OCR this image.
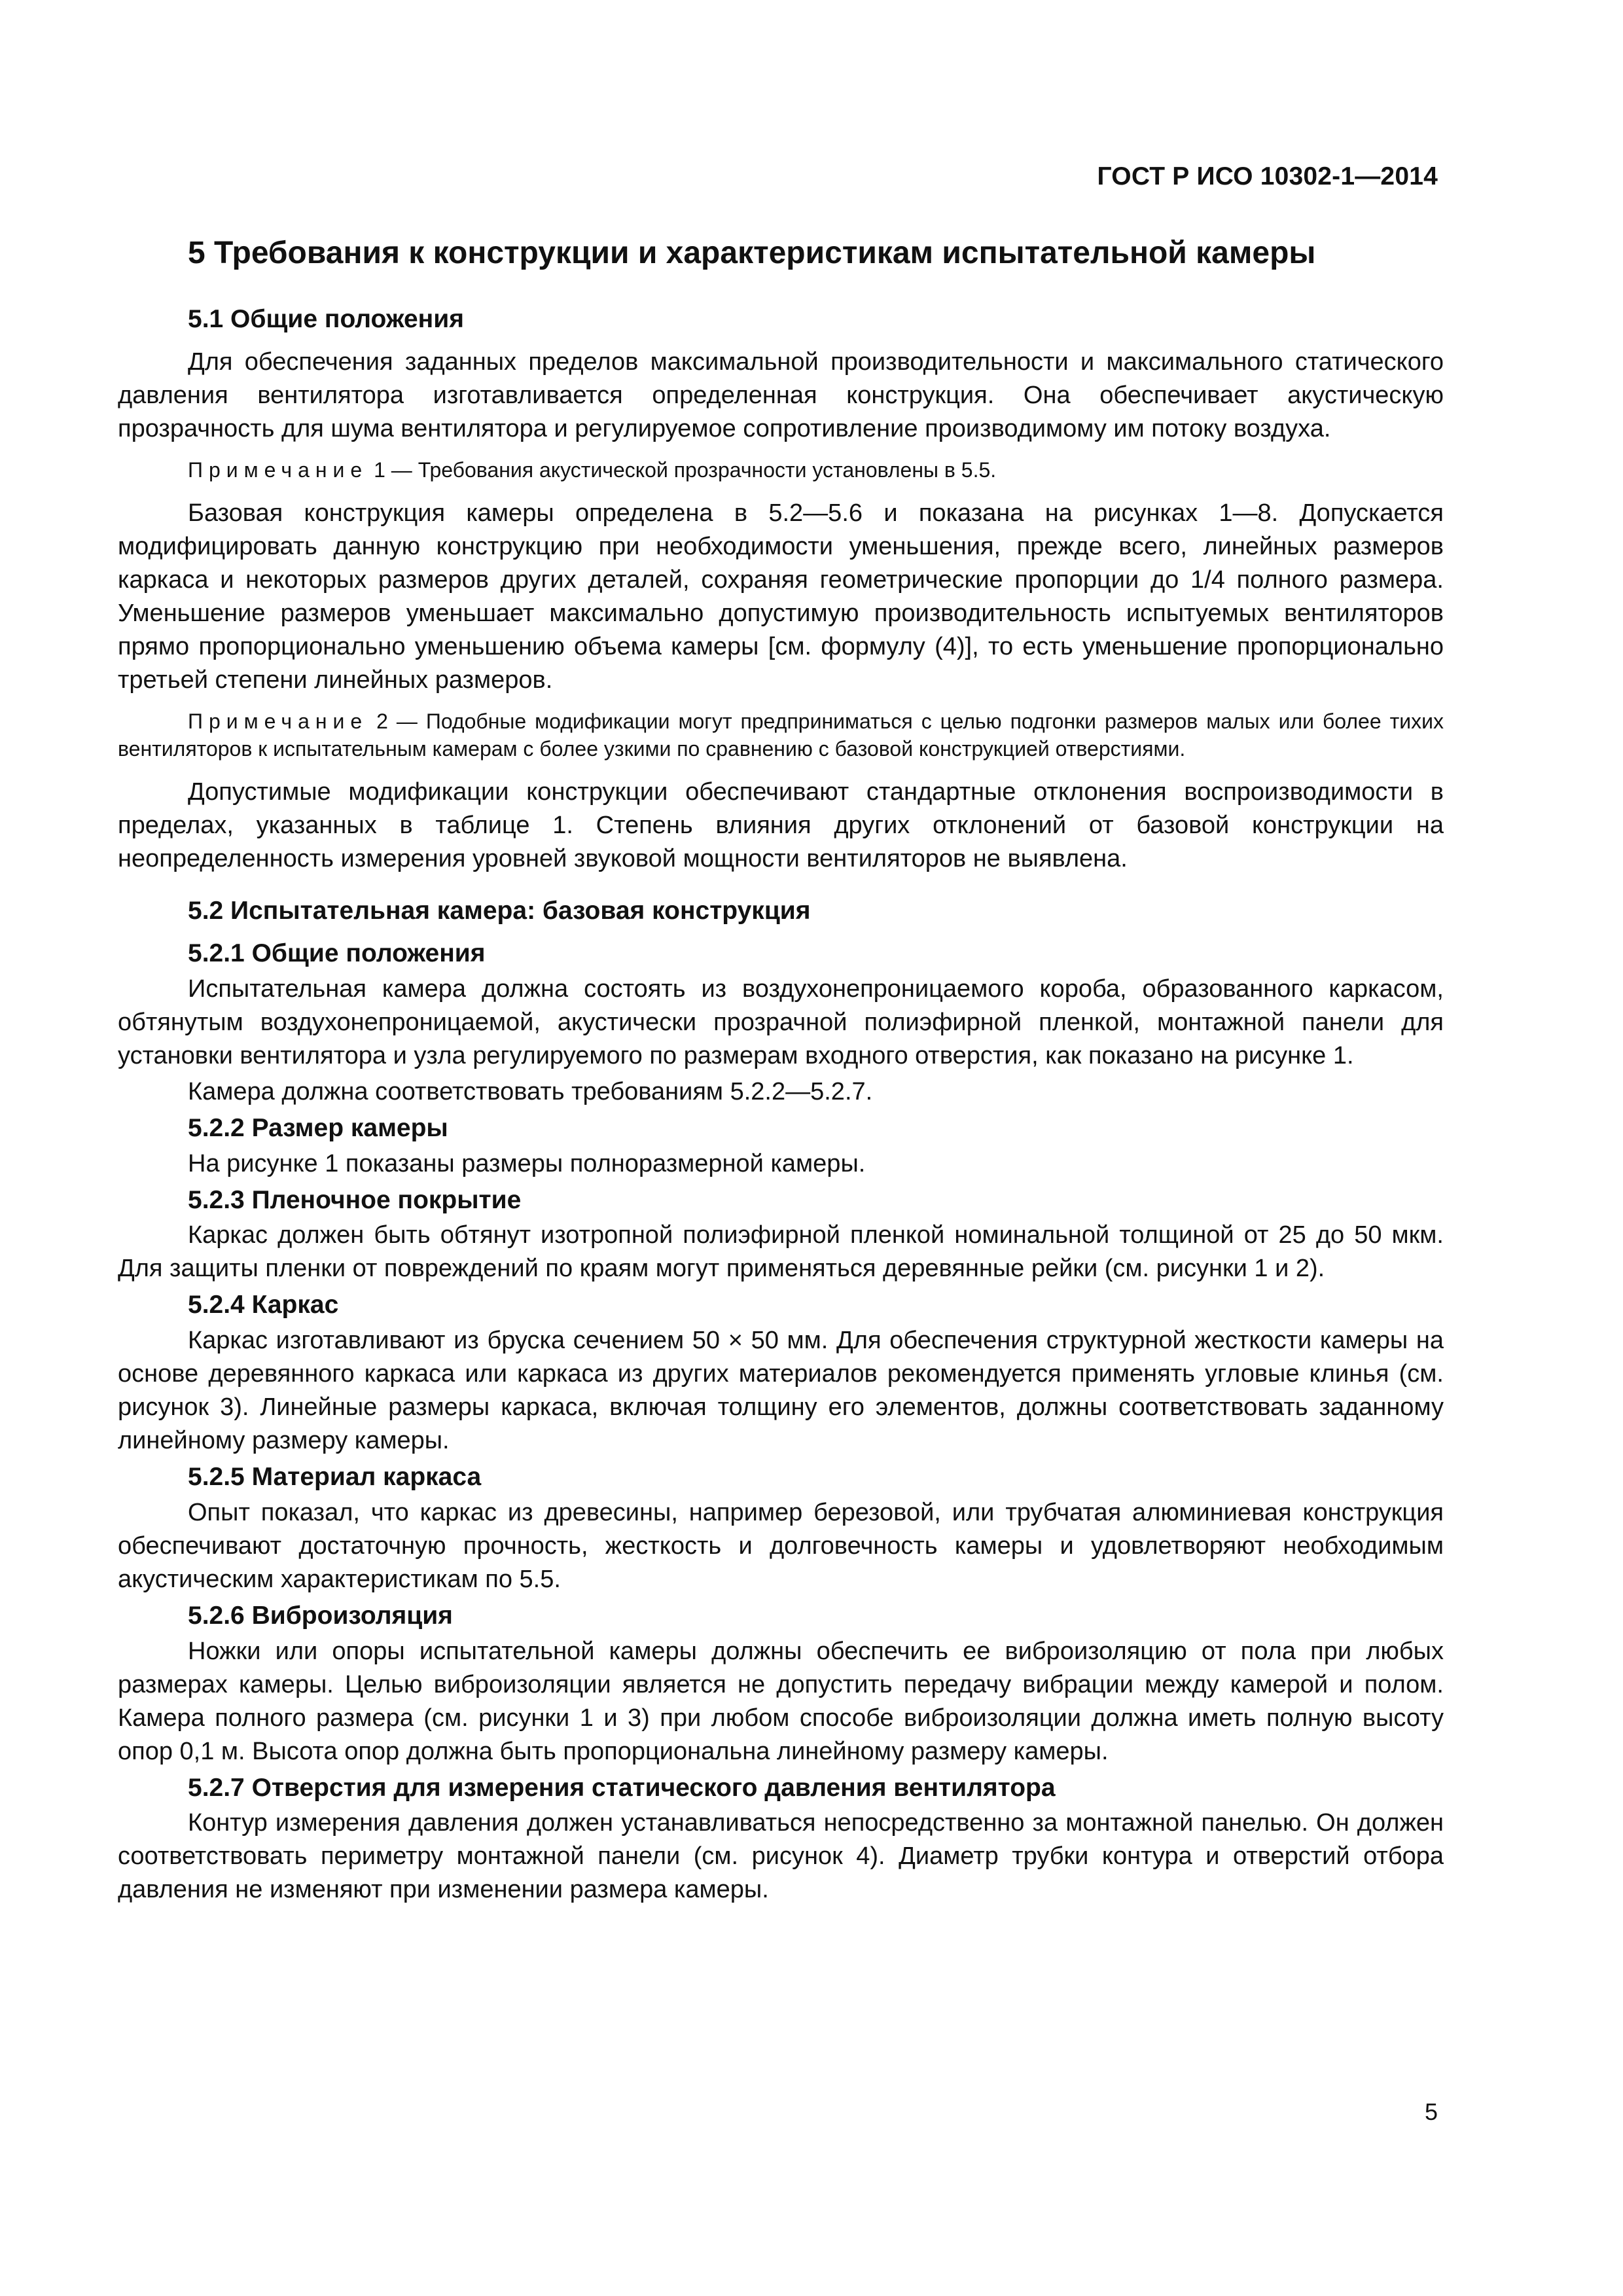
ГОСТ Р ИСО 10302-1—2014
5 Требования к конструкции и характеристикам испытательной камеры
5.1 Общие положения

Для обеспечения заданных пределов максимальной производительности и максимального статического давления вентилятора изготавливается определенная конструкция. Она обеспечивает акустическую прозрачность для шума вентилятора и регулируемое сопротивление производимому им потоку воздуха.

Примечание 1 — Требования акустической прозрачности установлены в 5.5.

Базовая конструкция камеры определена в 5.2—5.6 и показана на рисунках 1—8. Допускается модифицировать данную конструкцию при необходимости уменьшения, прежде всего, линейных размеров каркаса и некоторых размеров других деталей, сохраняя геометрические пропорции до 1/4 полного размера. Уменьшение размеров уменьшает максимально допустимую производительность испытуемых вентиляторов прямо пропорционально уменьшению объема камеры [см. формулу (4)], то есть уменьшение пропорционально третьей степени линейных размеров.

Примечание 2 — Подобные модификации могут предприниматься с целью подгонки размеров малых или более тихих вентиляторов к испытательным камерам с более узкими по сравнению с базовой конструкцией отверстиями.

Допустимые модификации конструкции обеспечивают стандартные отклонения воспроизводимости в пределах, указанных в таблице 1. Степень влияния других отклонений от базовой конструкции на неопределенность измерения уровней звуковой мощности вентиляторов не выявлена.

5.2 Испытательная камера: базовая конструкция
5.2.1 Общие положения

Испытательная камера должна состоять из воздухонепроницаемого короба, образованного каркасом, обтянутым воздухонепроницаемой, акустически прозрачной полиэфирной пленкой, монтажной панели для установки вентилятора и узла регулируемого по размерам входного отверстия, как показано на рисунке 1.

Камера должна соответствовать требованиям 5.2.2—5.2.7.

5.2.2 Размер камеры

На рисунке 1 показаны размеры полноразмерной камеры.

5.2.3 Пленочное покрытие

Каркас должен быть обтянут изотропной полиэфирной пленкой номинальной толщиной от 25 до 50 мкм. Для защиты пленки от повреждений по краям могут применяться деревянные рейки (см. рисунки 1 и 2).

5.2.4 Каркас

Каркас изготавливают из бруска сечением 50 × 50 мм. Для обеспечения структурной жесткости камеры на основе деревянного каркаса или каркаса из других материалов рекомендуется применять угловые клинья (см. рисунок 3). Линейные размеры каркаса, включая толщину его элементов, должны соответствовать заданному линейному размеру камеры.

5.2.5 Материал каркаса

Опыт показал, что каркас из древесины, например березовой, или трубчатая алюминиевая конструкция обеспечивают достаточную прочность, жесткость и долговечность камеры и удовлетворяют необходимым акустическим характеристикам по 5.5.

5.2.6 Виброизоляция

Ножки или опоры испытательной камеры должны обеспечить ее виброизоляцию от пола при любых размерах камеры. Целью виброизоляции является не допустить передачу вибрации между камерой и полом. Камера полного размера (см. рисунки 1 и 3) при любом способе виброизоляции должна иметь полную высоту опор 0,1 м. Высота опор должна быть пропорциональна линейному размеру камеры.

5.2.7 Отверстия для измерения статического давления вентилятора

Контур измерения давления должен устанавливаться непосредственно за монтажной панелью. Он должен соответствовать периметру монтажной панели (см. рисунок 4). Диаметр трубки контура и отверстий отбора давления не изменяют при изменении размера камеры.

5
